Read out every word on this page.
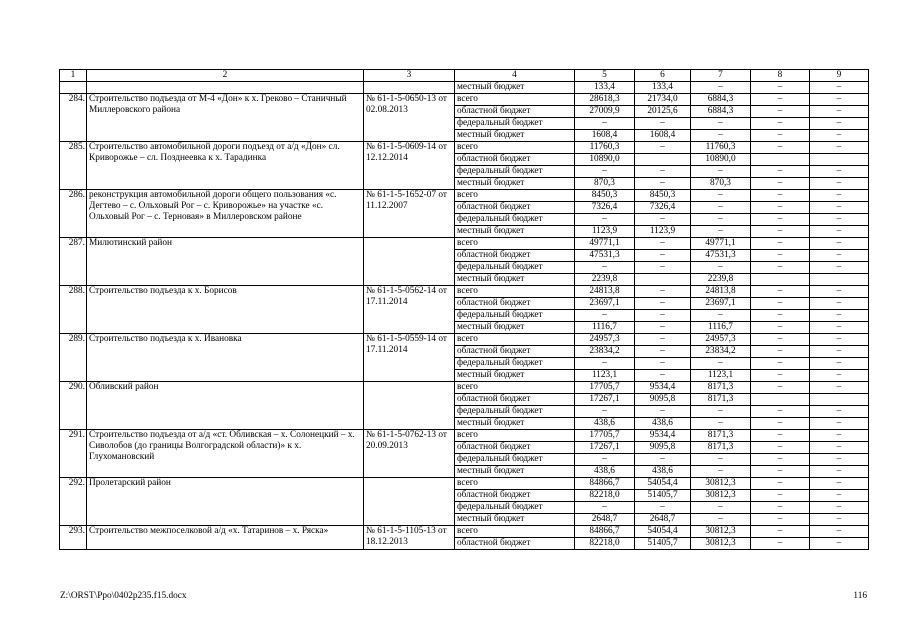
1	2	3	4	5	6	7	8	9
			местный бюджет	133,4	133,4	–	–	–
284.	Строительство подъезда от М-4 «Дон» к х. Греково – Станичный Миллеровского района	№ 61-1-5-0650-13 от 02.08.2013	всего	28618,3	21734,0	6884,3	–	–
			областной бюджет	27009,9	20125,6	6884,3	–	–
			федеральный бюджет	–	–	–	–	–
			местный бюджет	1608,4	1608,4	–	–	–
285.	Строительство автомобильной дороги подъезд от а/д «Дон» сл. Криворожье – сл. Позднеевка к х. Тарадинка	№ 61-1-5-0609-14 от 12.12.2014	всего	11760,3	–	11760,3	–	–
			областной бюджет	10890,0		10890,0		
			федеральный бюджет	–	–	–	–	–
			местный бюджет	870,3	–	870,3	–	–
286.	реконструкция автомобильной дороги общего пользования «с. Дегтево – с. Ольховый Рог – с. Криворожье» на участке «с. Ольховый Рог – с. Терновая» в Миллеровском районе	№ 61-1-5-1652-07 от 11.12.2007	всего	8450,3	8450,3	–	–	–
			областной бюджет	7326,4	7326,4	–	–	–
			федеральный бюджет	–	–	–	–	–
			местный бюджет	1123,9	1123,9	–	–	–
287.	Милютинский район		всего	49771,1	–	49771,1	–	–
			областной бюджет	47531,3	–	47531,3	–	–
			федеральный бюджет	–	–	–	–	–
			местный бюджет	2239,8		2239,8		
288.	Строительство подъезда к х. Борисов	№ 61-1-5-0562-14 от 17.11.2014	всего	24813,8	–	24813,8	–	–
			областной бюджет	23697,1	–	23697,1	–	–
			федеральный бюджет	–	–	–	–	–
			местный бюджет	1116,7	–	1116,7	–	–
289.	Строительство подъезда к х. Ивановка	№ 61-1-5-0559-14 от 17.11.2014	всего	24957,3	–	24957,3	–	–
			областной бюджет	23834,2	–	23834,2	–	–
			федеральный бюджет	–	–	–	–	–
			местный бюджет	1123,1	–	1123,1	–	–
290.	Обливский район		всего	17705,7	9534,4	8171,3	–	–
			областной бюджет	17267,1	9095,8	8171,3		
			федеральный бюджет	–	–	–	–	–
			местный бюджет	438,6	438,6	–	–	–
291.	Строительство подъезда от а/д «ст. Обливская – х. Солонецкий – х. Сиволобов (до границы Волгоградской области)» к х. Глухомановский	№ 61-1-5-0762-13 от 20.09.2013	всего	17705,7	9534,4	8171,3	–	–
			областной бюджет	17267,1	9095,8	8171,3	–	–
			федеральный бюджет	–	–	–	–	–
			местный бюджет	438,6	438,6	–	–	–
292.	Пролетарский район		всего	84866,7	54054,4	30812,3	–	–
			областной бюджет	82218,0	51405,7	30812,3	–	–
			федеральный бюджет	–	–	–	–	–
			местный бюджет	2648,7	2648,7	–	–	–
293.	Строительство межпоселковой а/д «х. Татаринов – х. Ряска»	№ 61-1-5-1105-13 от 18.12.2013	всего	84866,7	54054,4	30812,3	–	–
			областной бюджет	82218,0	51405,7	30812,3	–	–
Z:\ORST\Ppo\0402p235.f15.docx	116
